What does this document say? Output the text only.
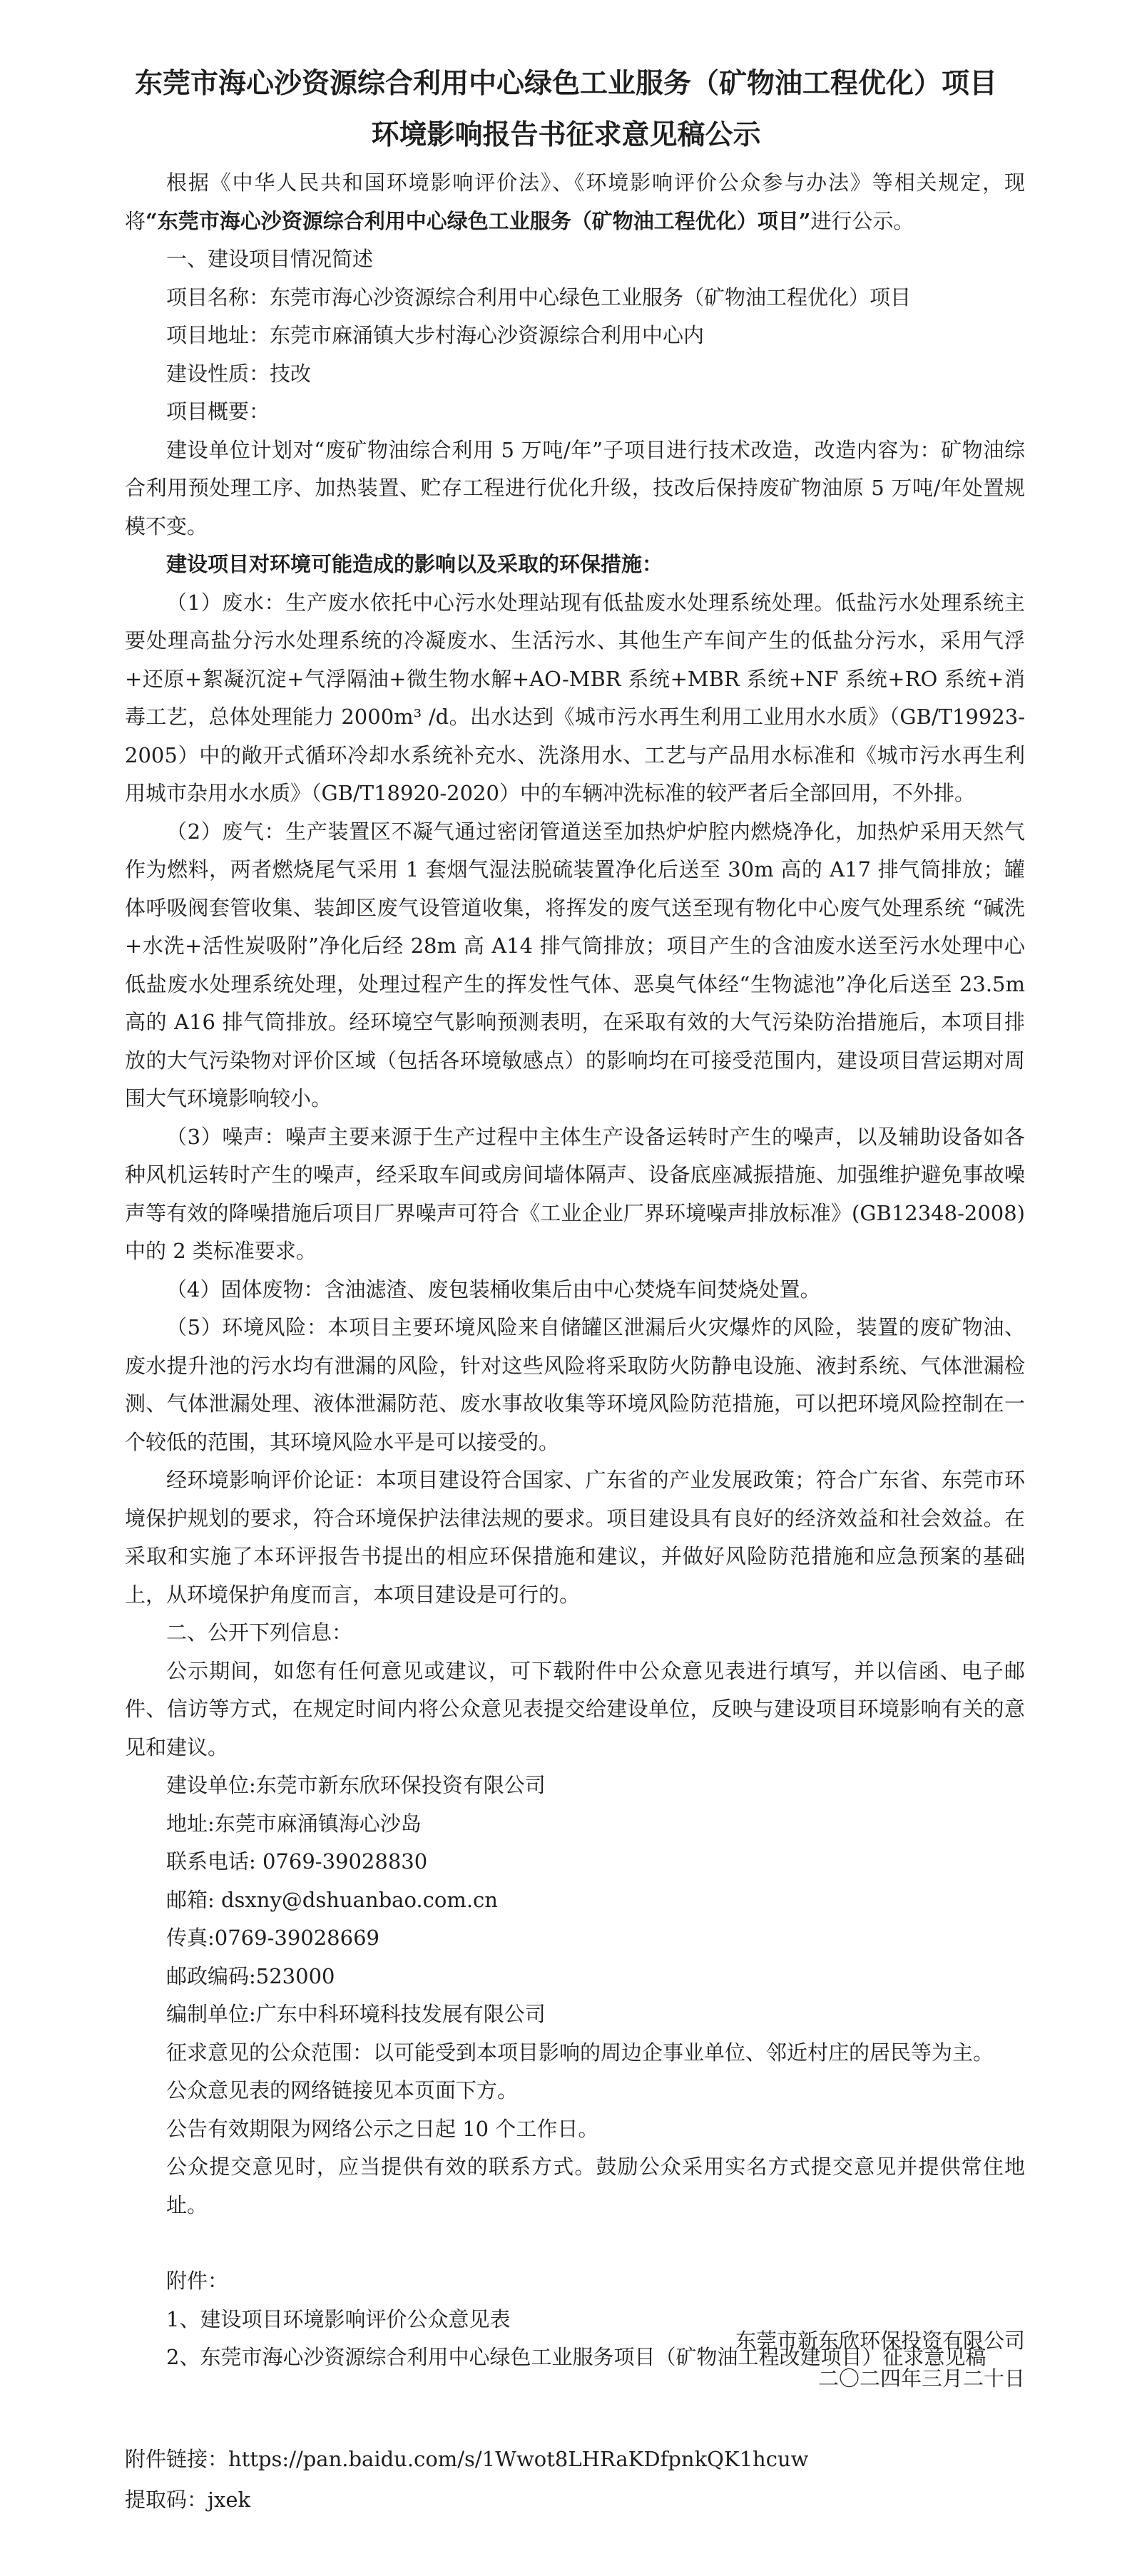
东莞市海心沙资源综合利用中心绿色工业服务（矿物油工程优化）项目
环境影响报告书征求意见稿公示

根据《中华人民共和国环境影响评价法》、《环境影响评价公众参与办法》等相关规定，现将“东莞市海心沙资源综合利用中心绿色工业服务（矿物油工程优化）项目”进行公示。

一、建设项目情况简述

项目名称：东莞市海心沙资源综合利用中心绿色工业服务（矿物油工程优化）项目

项目地址：东莞市麻涌镇大步村海心沙资源综合利用中心内

建设性质：技改

项目概要：

建设单位计划对“废矿物油综合利用 5 万吨/年”子项目进行技术改造，改造内容为：矿物油综合利用预处理工序、加热装置、贮存工程进行优化升级，技改后保持废矿物油原 5 万吨/年处置规模不变。

建设项目对环境可能造成的影响以及采取的环保措施：

（1）废水：生产废水依托中心污水处理站现有低盐废水处理系统处理。低盐污水处理系统主要处理高盐分污水处理系统的冷凝废水、生活污水、其他生产车间产生的低盐分污水，采用气浮+还原+絮凝沉淀+气浮隔油+微生物水解+AO-MBR 系统+MBR 系统+NF 系统+RO 系统+消毒工艺，总体处理能力 2000m³ /d。出水达到《城市污水再生利用工业用水水质》（GB/T19923-2005）中的敞开式循环冷却水系统补充水、洗涤用水、工艺与产品用水标准和《城市污水再生利用城市杂用水水质》（GB/T18920-2020）中的车辆冲洗标准的较严者后全部回用，不外排。

（2）废气：生产装置区不凝气通过密闭管道送至加热炉炉腔内燃烧净化，加热炉采用天然气作为燃料，两者燃烧尾气采用 1 套烟气湿法脱硫装置净化后送至 30m 高的 A17 排气筒排放；罐体呼吸阀套管收集、装卸区废气设管道收集，将挥发的废气送至现有物化中心废气处理系统 “碱洗+水洗+活性炭吸附”净化后经 28m 高 A14 排气筒排放；项目产生的含油废水送至污水处理中心低盐废水处理系统处理，处理过程产生的挥发性气体、恶臭气体经“生物滤池”净化后送至 23.5m 高的 A16 排气筒排放。经环境空气影响预测表明，在采取有效的大气污染防治措施后，本项目排放的大气污染物对评价区域（包括各环境敏感点）的影响均在可接受范围内，建设项目营运期对周围大气环境影响较小。

（3）噪声：噪声主要来源于生产过程中主体生产设备运转时产生的噪声，以及辅助设备如各种风机运转时产生的噪声，经采取车间或房间墙体隔声、设备底座减振措施、加强维护避免事故噪声等有效的降噪措施后项目厂界噪声可符合《工业企业厂界环境噪声排放标准》(GB12348-2008)中的 2 类标准要求。

（4）固体废物：含油滤渣、废包装桶收集后由中心焚烧车间焚烧处置。

（5）环境风险：本项目主要环境风险来自储罐区泄漏后火灾爆炸的风险，装置的废矿物油、废水提升池的污水均有泄漏的风险，针对这些风险将采取防火防静电设施、液封系统、气体泄漏检测、气体泄漏处理、液体泄漏防范、废水事故收集等环境风险防范措施，可以把环境风险控制在一个较低的范围，其环境风险水平是可以接受的。

经环境影响评价论证：本项目建设符合国家、广东省的产业发展政策；符合广东省、东莞市环境保护规划的要求，符合环境保护法律法规的要求。项目建设具有良好的经济效益和社会效益。在采取和实施了本环评报告书提出的相应环保措施和建议，并做好风险防范措施和应急预案的基础上，从环境保护角度而言，本项目建设是可行的。

二、公开下列信息：

公示期间，如您有任何意见或建议，可下载附件中公众意见表进行填写，并以信函、电子邮件、信访等方式，在规定时间内将公众意见表提交给建设单位，反映与建设项目环境影响有关的意见和建议。

建设单位:东莞市新东欣环保投资有限公司

地址:东莞市麻涌镇海心沙岛

联系电话: 0769-39028830

邮箱: dsxny@dshuanbao.com.cn

传真:0769-39028669

邮政编码:523000

编制单位:广东中科环境科技发展有限公司

征求意见的公众范围：以可能受到本项目影响的周边企事业单位、邻近村庄的居民等为主。

公众意见表的网络链接见本页面下方。

公告有效期限为网络公示之日起 10 个工作日。

公众提交意见时，应当提供有效的联系方式。鼓励公众采用实名方式提交意见并提供常住地址。

附件：

1、建设项目环境影响评价公众意见表

2、东莞市海心沙资源综合利用中心绿色工业服务项目（矿物油工程改建项目）征求意见稿

东莞市新东欣环保投资有限公司

二〇二四年三月二十日

附件链接：https://pan.baidu.com/s/1Wwot8LHRaKDfpnkQK1hcuw

提取码：jxek
